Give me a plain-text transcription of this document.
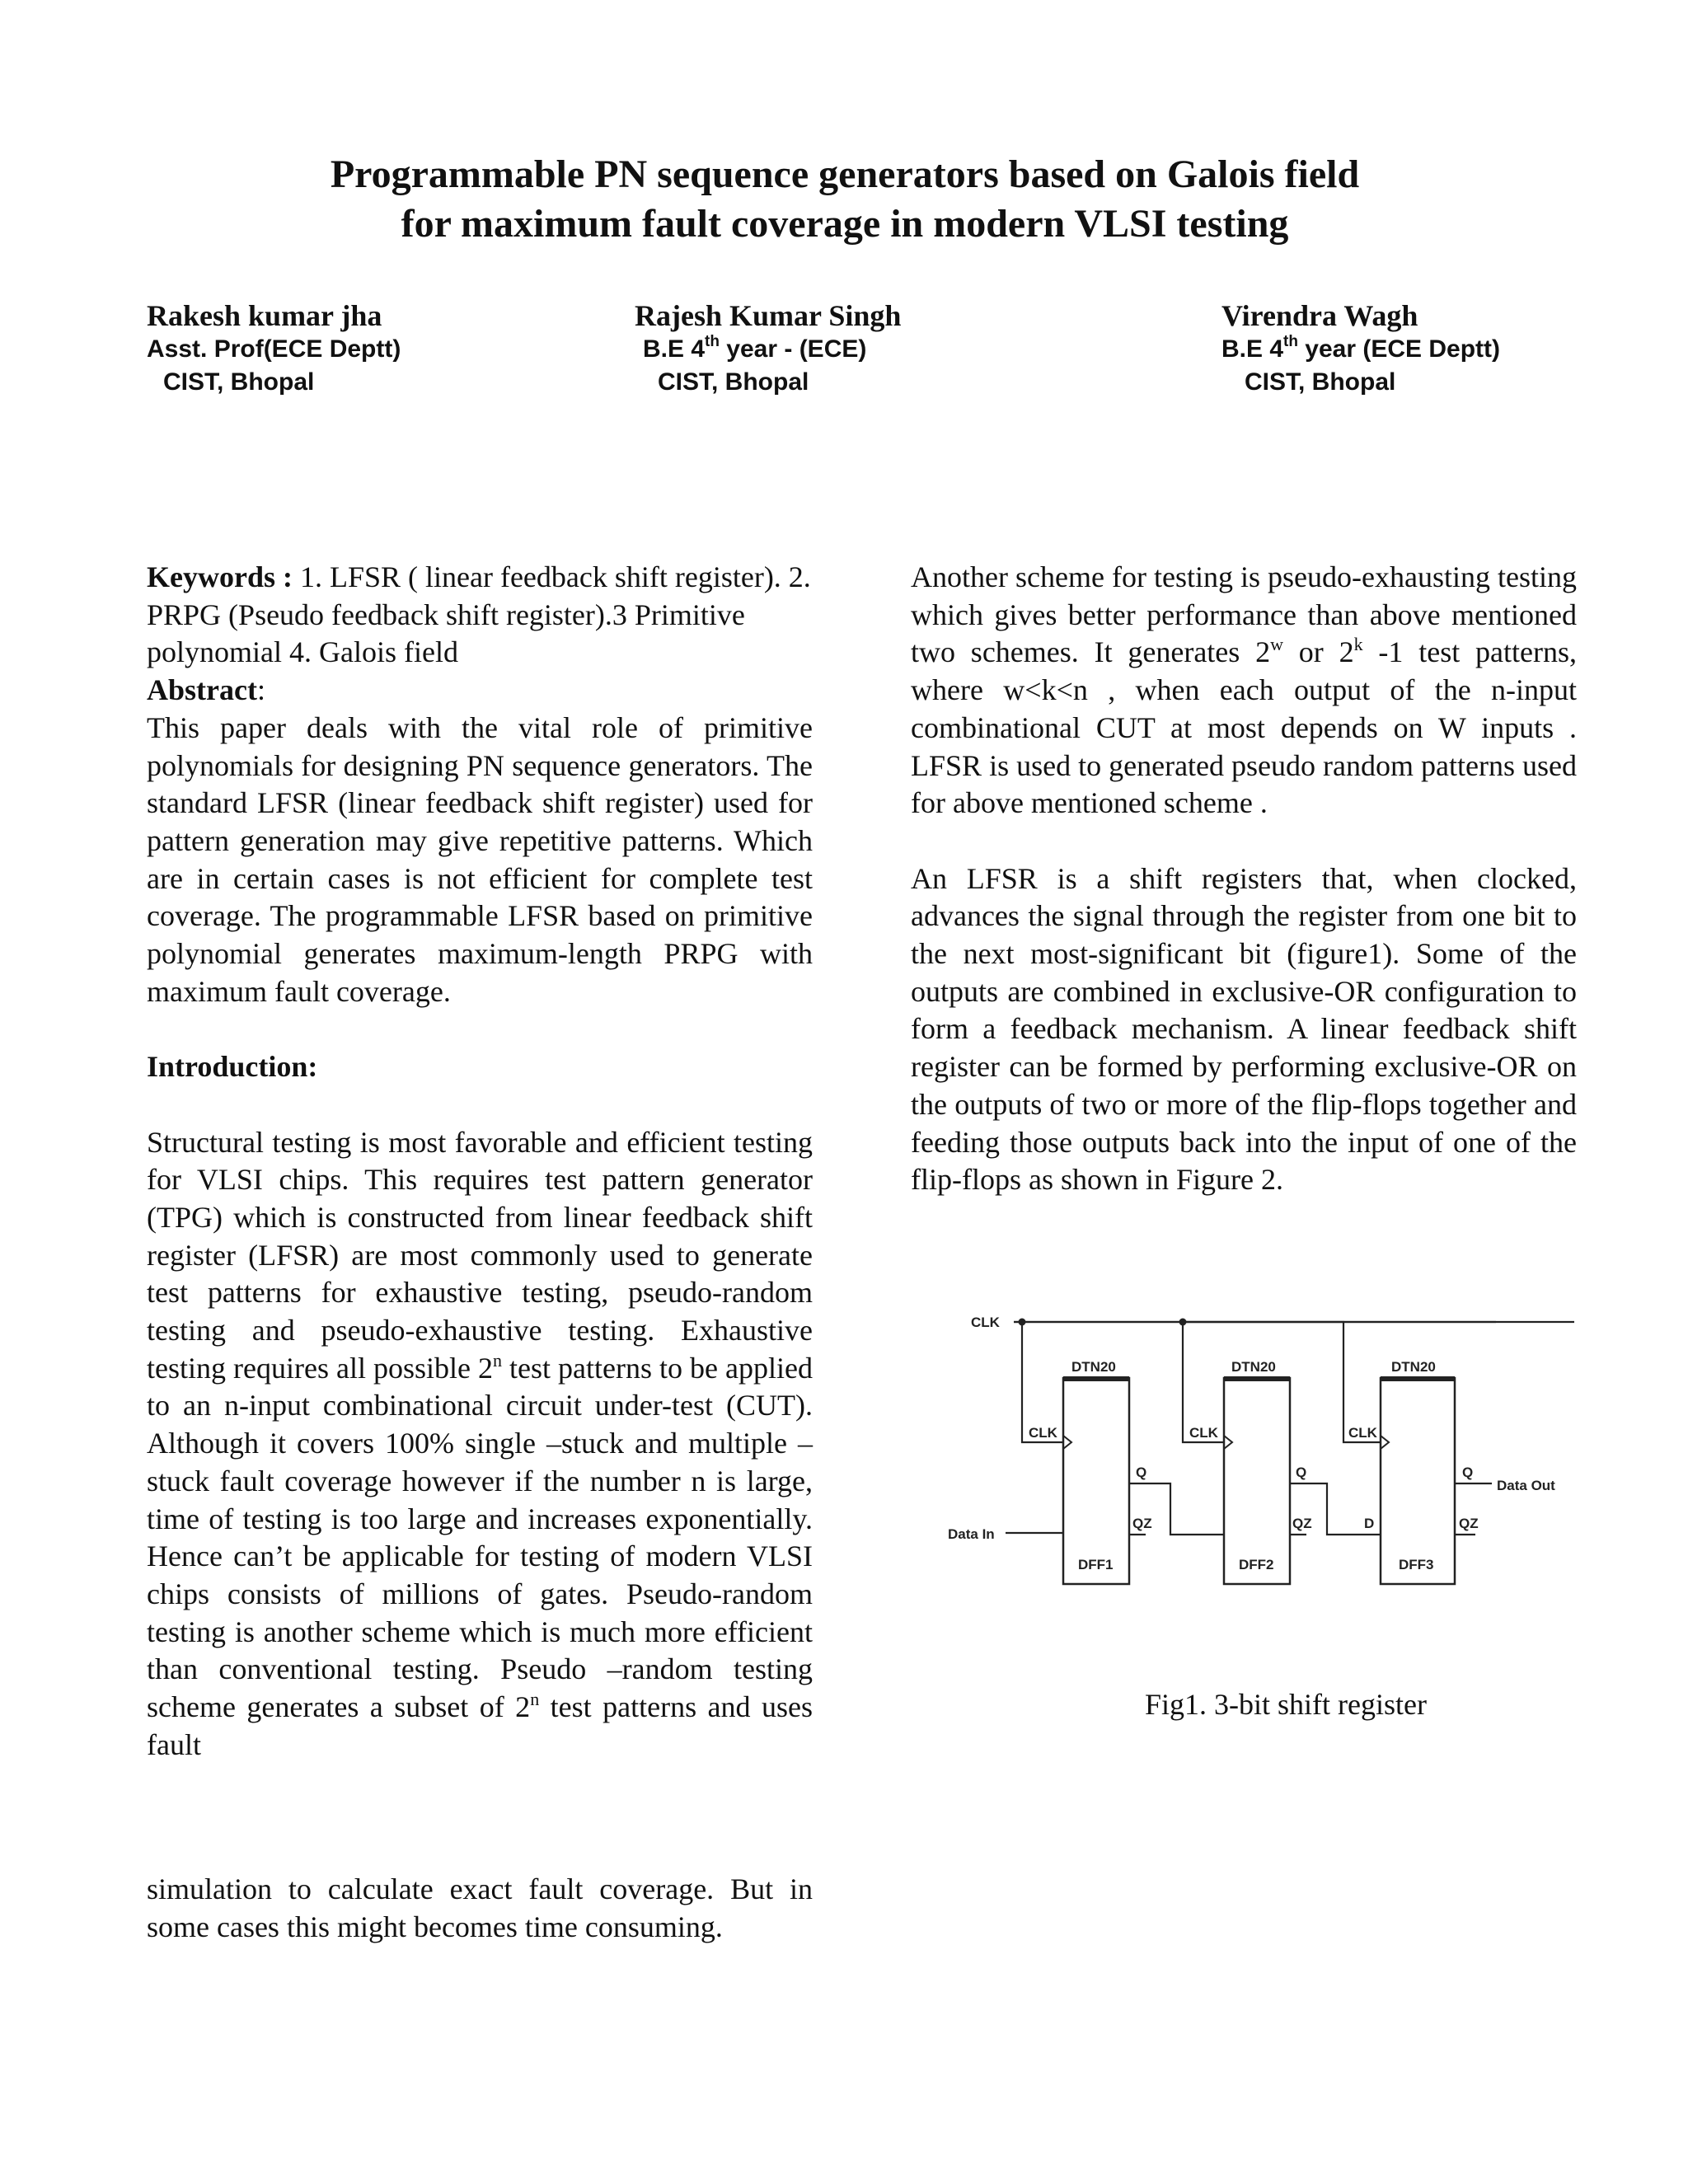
Programmable PN sequence generators based on Galois field
for maximum fault coverage in modern VLSI testing
Rakesh kumar jha
Asst. Prof(ECE Deptt)
CIST, Bhopal
Rajesh Kumar Singh
B.E 4th year - (ECE)
CIST, Bhopal
Virendra Wagh
B.E 4th year (ECE Deptt)
CIST, Bhopal

Keywords : 1. LFSR ( linear feedback shift register). 2. PRPG (Pseudo feedback shift register).3 Primitive polynomial 4. Galois field

Abstract:

This paper deals with the vital role of primitive polynomials for designing PN sequence generators. The standard LFSR (linear feedback shift register) used for pattern generation may give repetitive patterns. Which are in certain cases is not efficient for complete test coverage. The programmable LFSR based on primitive polynomial generates maximum-length PRPG with maximum fault coverage.

Introduction:

Structural testing is most favorable and efficient testing for VLSI chips. This requires test pattern generator (TPG) which is constructed from linear feedback shift register (LFSR) are most commonly used to generate test patterns for exhaustive testing, pseudo-random testing and pseudo-exhaustive testing. Exhaustive testing requires all possible 2$^n$ test patterns to be applied to an n-input combinational circuit under-test (CUT). Although it covers 100% single –stuck and multiple –stuck fault coverage however if the number n is large, time of testing is too large and increases exponentially. Hence can’t be applicable for testing of modern VLSI chips consists of millions of gates. Pseudo-random testing is another scheme which is much more efficient than conventional testing. Pseudo –random testing scheme generates a subset of 2$^n$ test patterns and uses fault

simulation to calculate exact fault coverage. But in some cases this might becomes time consuming.

Another scheme for testing is pseudo-exhausting testing which gives better performance than above mentioned two schemes. It generates 2$^w$ or 2$^k$ -1 test patterns, where w<k<n , when each output of the n-input combinational CUT at most depends on W inputs . LFSR is used to generated pseudo random patterns used for above mentioned scheme .

An LFSR is a shift registers that, when clocked, advances the signal through the register from one bit to the next most-significant bit (figure1). Some of the outputs are combined in exclusive-OR configuration to form a feedback mechanism. A linear feedback shift register can be formed by performing exclusive-OR on the outputs of two or more of the flip-flops together and feeding those outputs back into the input of one of the flip-flops as shown in Figure 2.

CLK
Data In
Data Out
DTN20	DTN20	DTN20
CLK	CLK	CLK
Q	Q	Q
QZ	QZ	QZ
D
DFF1	DFF2	DFF3
Fig1. 3-bit shift register
